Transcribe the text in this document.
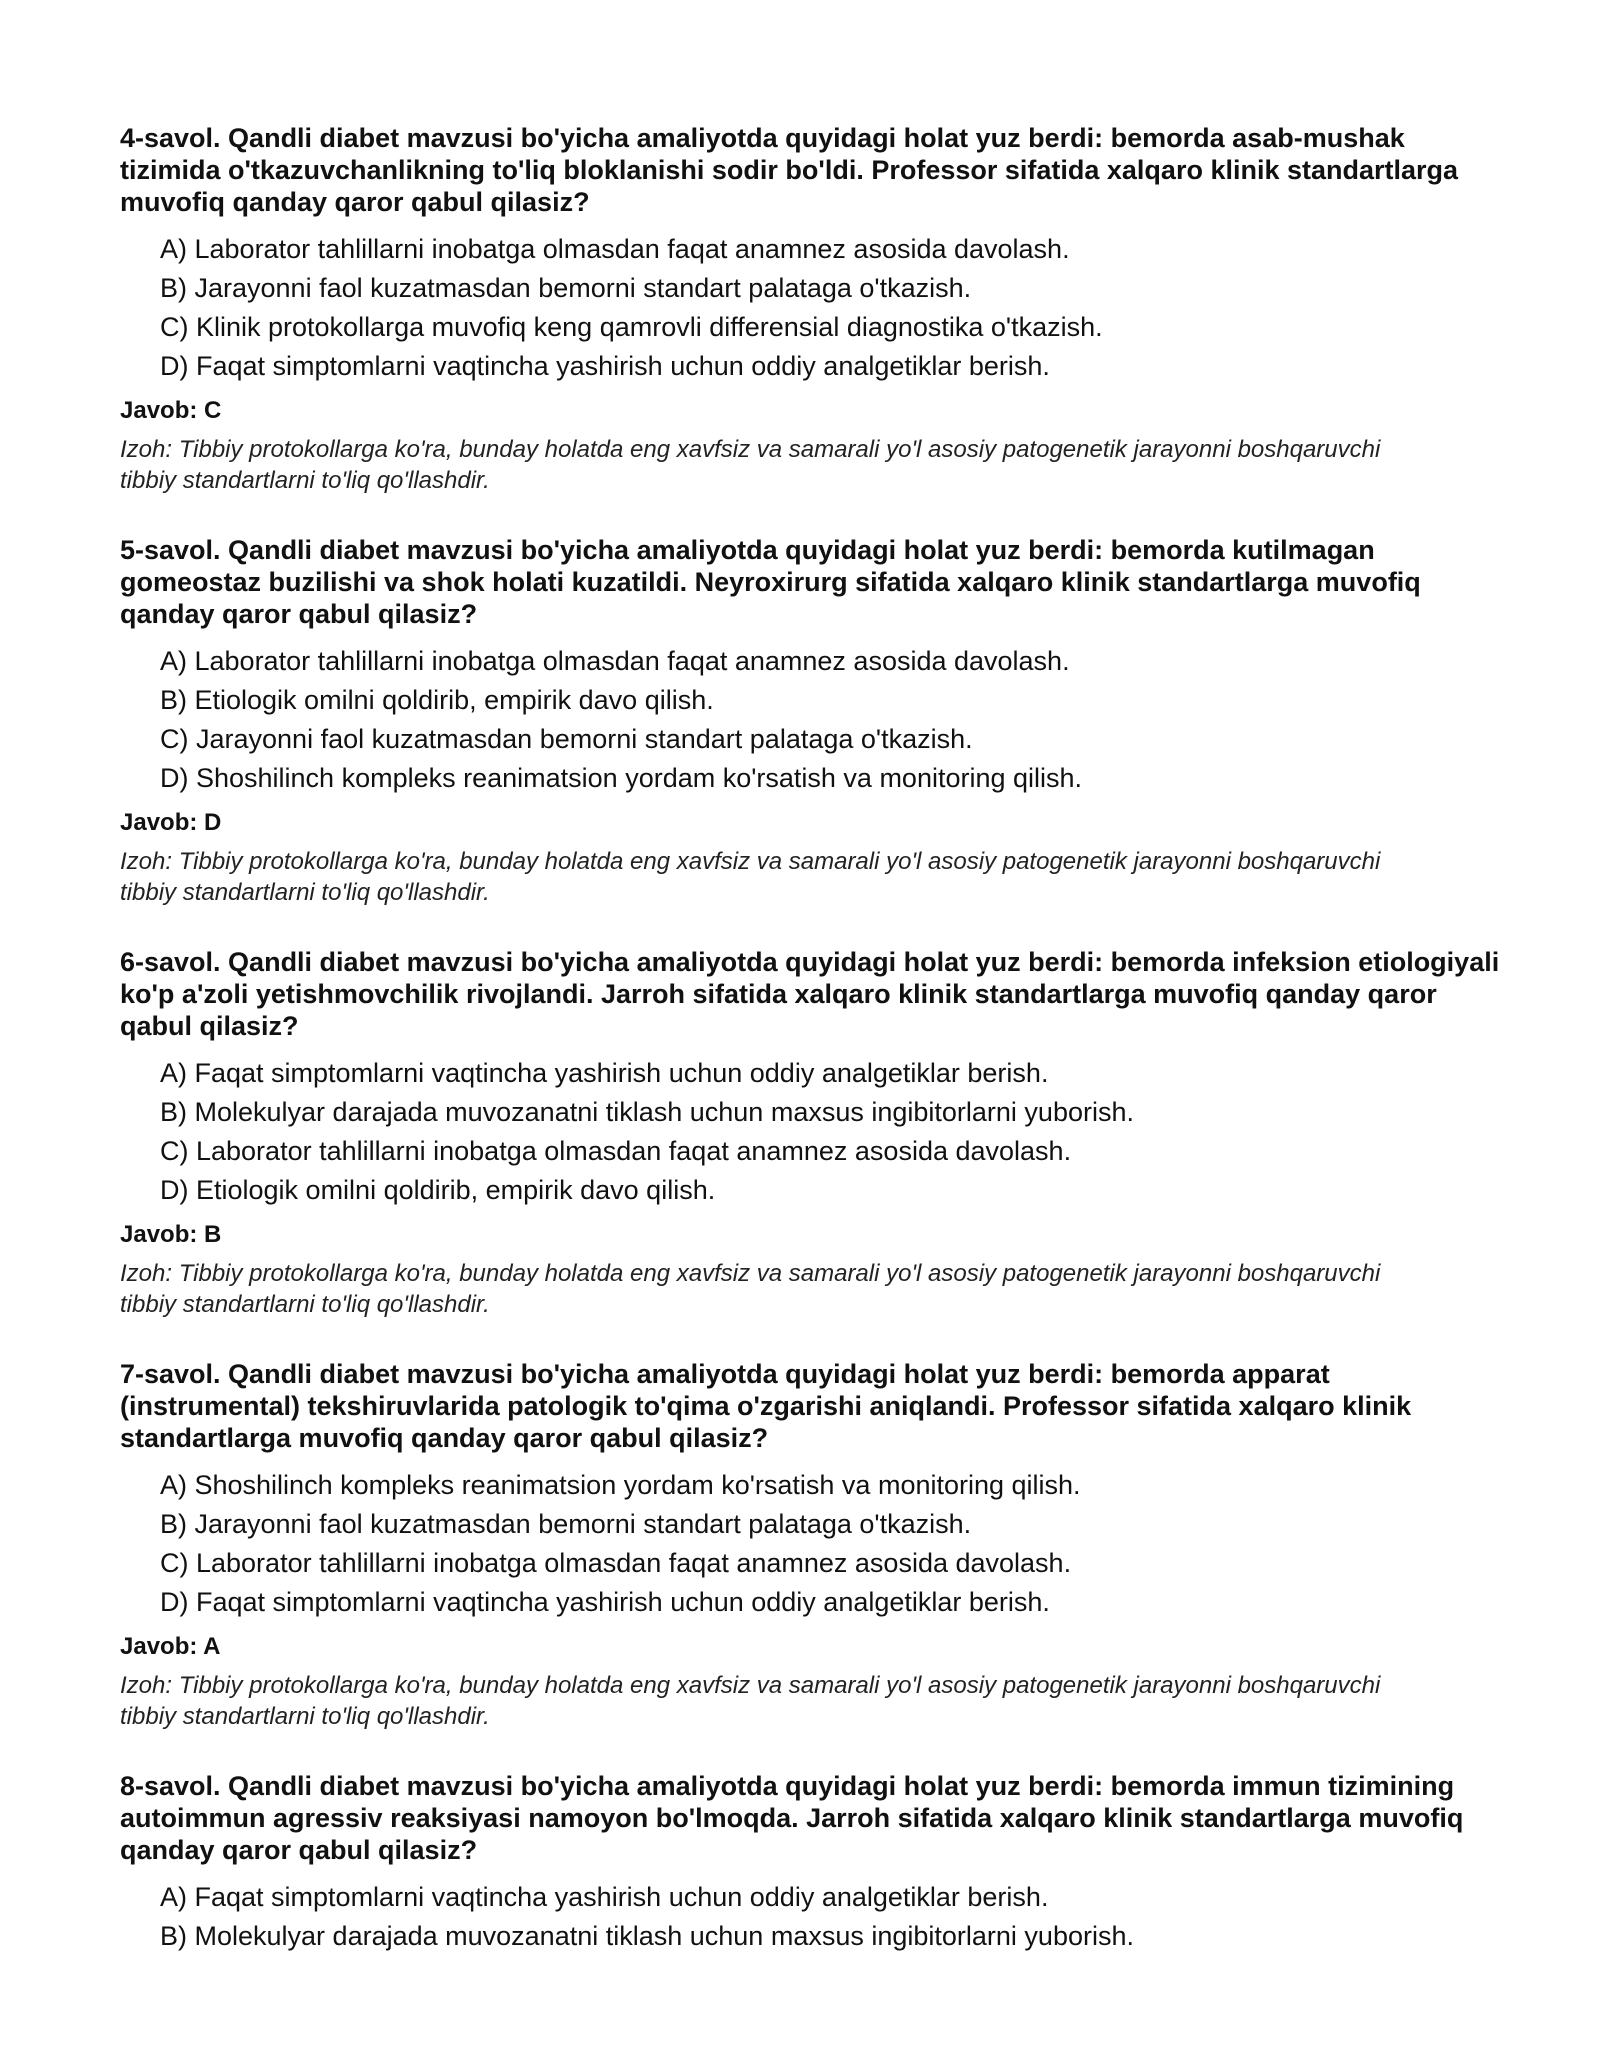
4-savol. Qandli diabet mavzusi bo'yicha amaliyotda quyidagi holat yuz berdi: bemorda asab-mushak tizimida o'tkazuvchanlikning to'liq bloklanishi sodir bo'ldi. Professor sifatida xalqaro klinik standartlarga muvofiq qanday qaror qabul qilasiz?
A) Laborator tahlillarni inobatga olmasdan faqat anamnez asosida davolash.
B) Jarayonni faol kuzatmasdan bemorni standart palataga o'tkazish.
C) Klinik protokollarga muvofiq keng qamrovli differensial diagnostika o'tkazish.
D) Faqat simptomlarni vaqtincha yashirish uchun oddiy analgetiklar berish.
Javob: C
Izoh: Tibbiy protokollarga ko'ra, bunday holatda eng xavfsiz va samarali yo'l asosiy patogenetik jarayonni boshqaruvchi tibbiy standartlarni to'liq qo'llashdir.
5-savol. Qandli diabet mavzusi bo'yicha amaliyotda quyidagi holat yuz berdi: bemorda kutilmagan gomeostaz buzilishi va shok holati kuzatildi. Neyroxirurg sifatida xalqaro klinik standartlarga muvofiq qanday qaror qabul qilasiz?
A) Laborator tahlillarni inobatga olmasdan faqat anamnez asosida davolash.
B) Etiologik omilni qoldirib, empirik davo qilish.
C) Jarayonni faol kuzatmasdan bemorni standart palataga o'tkazish.
D) Shoshilinch kompleks reanimatsion yordam ko'rsatish va monitoring qilish.
Javob: D
Izoh: Tibbiy protokollarga ko'ra, bunday holatda eng xavfsiz va samarali yo'l asosiy patogenetik jarayonni boshqaruvchi tibbiy standartlarni to'liq qo'llashdir.
6-savol. Qandli diabet mavzusi bo'yicha amaliyotda quyidagi holat yuz berdi: bemorda infeksion etiologiyali ko'p a'zoli yetishmovchilik rivojlandi. Jarroh sifatida xalqaro klinik standartlarga muvofiq qanday qaror qabul qilasiz?
A) Faqat simptomlarni vaqtincha yashirish uchun oddiy analgetiklar berish.
B) Molekulyar darajada muvozanatni tiklash uchun maxsus ingibitorlarni yuborish.
C) Laborator tahlillarni inobatga olmasdan faqat anamnez asosida davolash.
D) Etiologik omilni qoldirib, empirik davo qilish.
Javob: B
Izoh: Tibbiy protokollarga ko'ra, bunday holatda eng xavfsiz va samarali yo'l asosiy patogenetik jarayonni boshqaruvchi tibbiy standartlarni to'liq qo'llashdir.
7-savol. Qandli diabet mavzusi bo'yicha amaliyotda quyidagi holat yuz berdi: bemorda apparat (instrumental) tekshiruvlarida patologik to'qima o'zgarishi aniqlandi. Professor sifatida xalqaro klinik standartlarga muvofiq qanday qaror qabul qilasiz?
A) Shoshilinch kompleks reanimatsion yordam ko'rsatish va monitoring qilish.
B) Jarayonni faol kuzatmasdan bemorni standart palataga o'tkazish.
C) Laborator tahlillarni inobatga olmasdan faqat anamnez asosida davolash.
D) Faqat simptomlarni vaqtincha yashirish uchun oddiy analgetiklar berish.
Javob: A
Izoh: Tibbiy protokollarga ko'ra, bunday holatda eng xavfsiz va samarali yo'l asosiy patogenetik jarayonni boshqaruvchi tibbiy standartlarni to'liq qo'llashdir.
8-savol. Qandli diabet mavzusi bo'yicha amaliyotda quyidagi holat yuz berdi: bemorda immun tizimining autoimmun agressiv reaksiyasi namoyon bo'lmoqda. Jarroh sifatida xalqaro klinik standartlarga muvofiq qanday qaror qabul qilasiz?
A) Faqat simptomlarni vaqtincha yashirish uchun oddiy analgetiklar berish.
B) Molekulyar darajada muvozanatni tiklash uchun maxsus ingibitorlarni yuborish.
